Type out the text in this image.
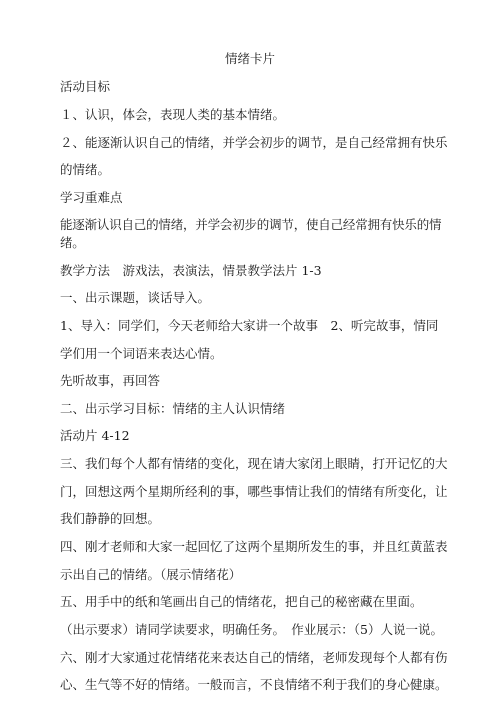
情绪卡片
活动目标
１、认识，体会，表现人类的基本情绪。
２、能逐渐认识自己的情绪，并学会初步的调节，是自己经常拥有快乐的情绪。
学习重难点
能逐渐认识自己的情绪，并学会初步的调节，使自己经常拥有快乐的情绪。
教学方法　游戏法，表演法，情景教学法片 1-3
一、出示课题，谈话导入。
1、导入：同学们，今天老师给大家讲一个故事　2、听完故事，情同学们用一个词语来表达心情。
先听故事，再回答
二、出示学习目标：情绪的主人认识情绪
活动片 4-12
三、我们每个人都有情绪的变化，现在请大家闭上眼睛，打开记忆的大门，回想这两个星期所经利的事，哪些事情让我们的情绪有所变化，让我们静静的回想。
四、刚才老师和大家一起回忆了这两个星期所发生的事，并且红黄蓝表示出自己的情绪。（展示情绪花）
五、用手中的纸和笔画出自己的情绪花，把自己的秘密藏在里面。
（出示要求）请同学读要求，明确任务。　作业展示：（5）人说一说。
六、刚才大家通过花情绪花来表达自己的情绪，老师发现每个人都有伤心、生气等不好的情绪。一般而言，不良情绪不利于我们的身心健康。
